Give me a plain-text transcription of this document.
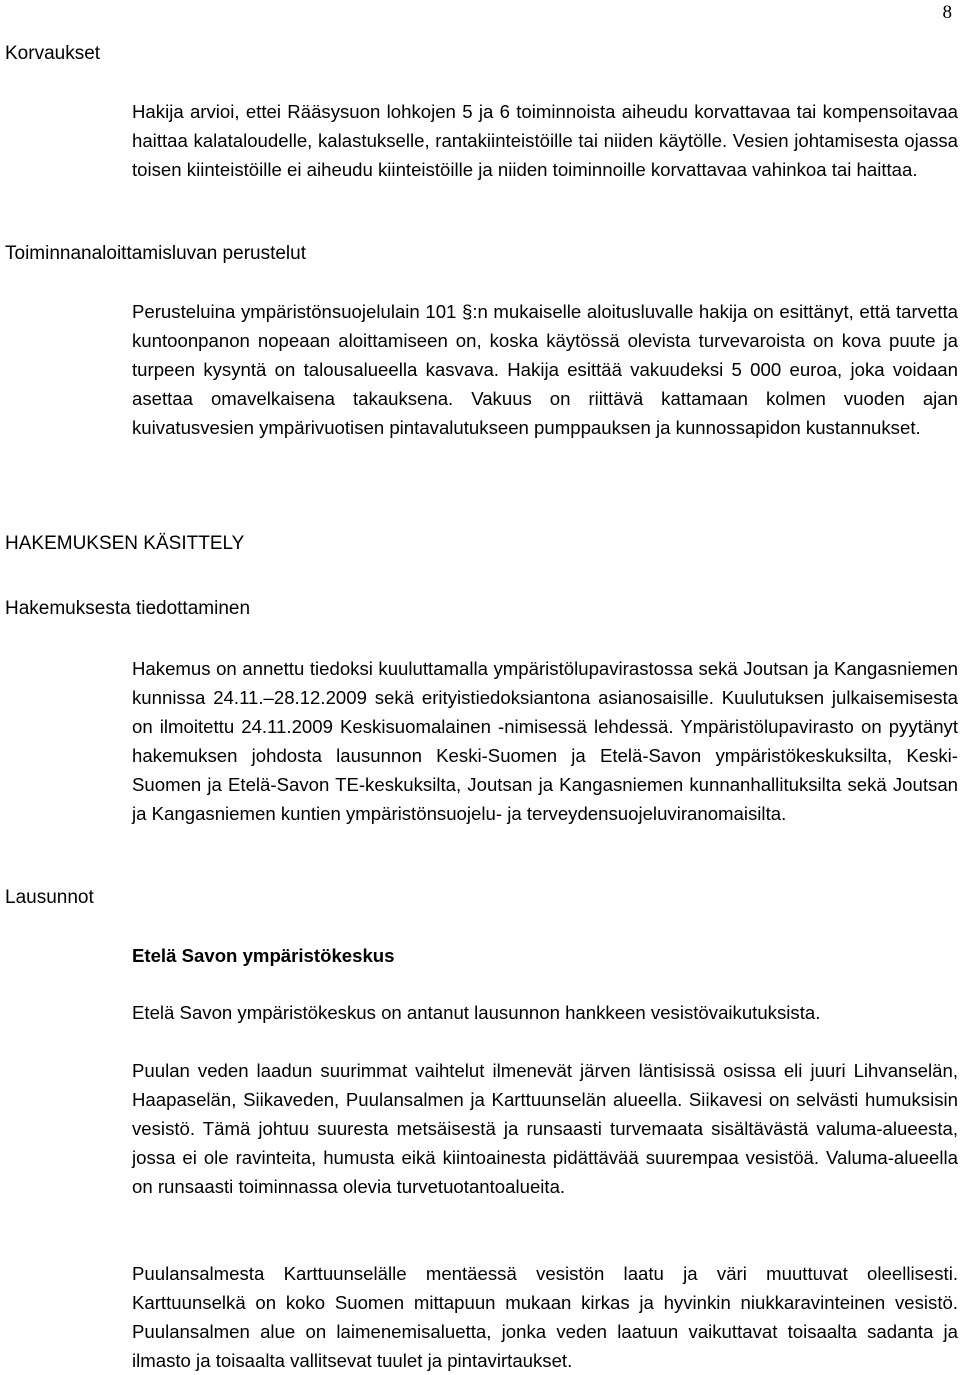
8
Korvaukset

Hakija arvioi, ettei Rääsysuon lohkojen 5 ja 6 toiminnoista aiheudu korvattavaa tai kompensoitavaa haittaa kalataloudelle, kalastukselle, rantakiinteistöille tai niiden käytölle. Vesien johtamisesta ojassa toisen kiinteistöille ei aiheudu kiinteistöille ja niiden toiminnoille korvattavaa vahinkoa tai haittaa.

Toiminnanaloittamisluvan perustelut

Perusteluina ympäristönsuojelulain 101 §:n mukaiselle aloitusluvalle hakija on esittänyt, että tarvetta kuntoonpanon nopeaan aloittamiseen on, koska käytössä olevista turvevaroista on kova puute ja turpeen kysyntä on talousalueella kasvava. Hakija esittää vakuudeksi 5 000 euroa, joka voidaan asettaa omavelkaisena takauksena. Vakuus on riittävä kattamaan kolmen vuoden ajan kuivatusvesien ympärivuotisen pintavalutukseen pumppauksen ja kunnossapidon kustannukset.

HAKEMUKSEN KÄSITTELY
Hakemuksesta tiedottaminen

Hakemus on annettu tiedoksi kuuluttamalla ympäristölupavirastossa sekä Joutsan ja Kangasniemen kunnissa 24.11.–28.12.2009 sekä erityistiedoksiantona asianosaisille. Kuulutuksen julkaisemisesta on ilmoitettu 24.11.2009 Keskisuomalainen -nimisessä lehdessä. Ympäristölupavirasto on pyytänyt hakemuksen johdosta lausunnon Keski-Suomen ja Etelä-Savon ympäristökeskuksilta, Keski-Suomen ja Etelä-Savon TE-keskuksilta, Joutsan ja Kangasniemen kunnanhallituksilta sekä Joutsan ja Kangasniemen kuntien ympäristönsuojelu- ja terveydensuojeluviranomaisilta.

Lausunnot
Etelä Savon ympäristökeskus

Etelä Savon ympäristökeskus on antanut lausunnon hankkeen vesistövaikutuksista.

Puulan veden laadun suurimmat vaihtelut ilmenevät järven läntisissä osissa eli juuri Lihvanselän, Haapaselän, Siikaveden, Puulansalmen ja Karttuunselän alueella. Siikavesi on selvästi humuksisin vesistö. Tämä johtuu suuresta metsäisestä ja runsaasti turvemaata sisältävästä valuma-alueesta, jossa ei ole ravinteita, humusta eikä kiintoainesta pidättävää suurempaa vesistöä. Valuma-alueella on runsaasti toiminnassa olevia turvetuotantoalueita.

Puulansalmesta Karttuunselälle mentäessä vesistön laatu ja väri muuttuvat oleellisesti. Karttuunselkä on koko Suomen mittapuun mukaan kirkas ja hyvinkin niukkaravinteinen vesistö. Puulansalmen alue on laimenemisaluetta, jonka veden laatuun vaikuttavat toisaalta sadanta ja ilmasto ja toisaalta vallitsevat tuulet ja pintavirtaukset.
